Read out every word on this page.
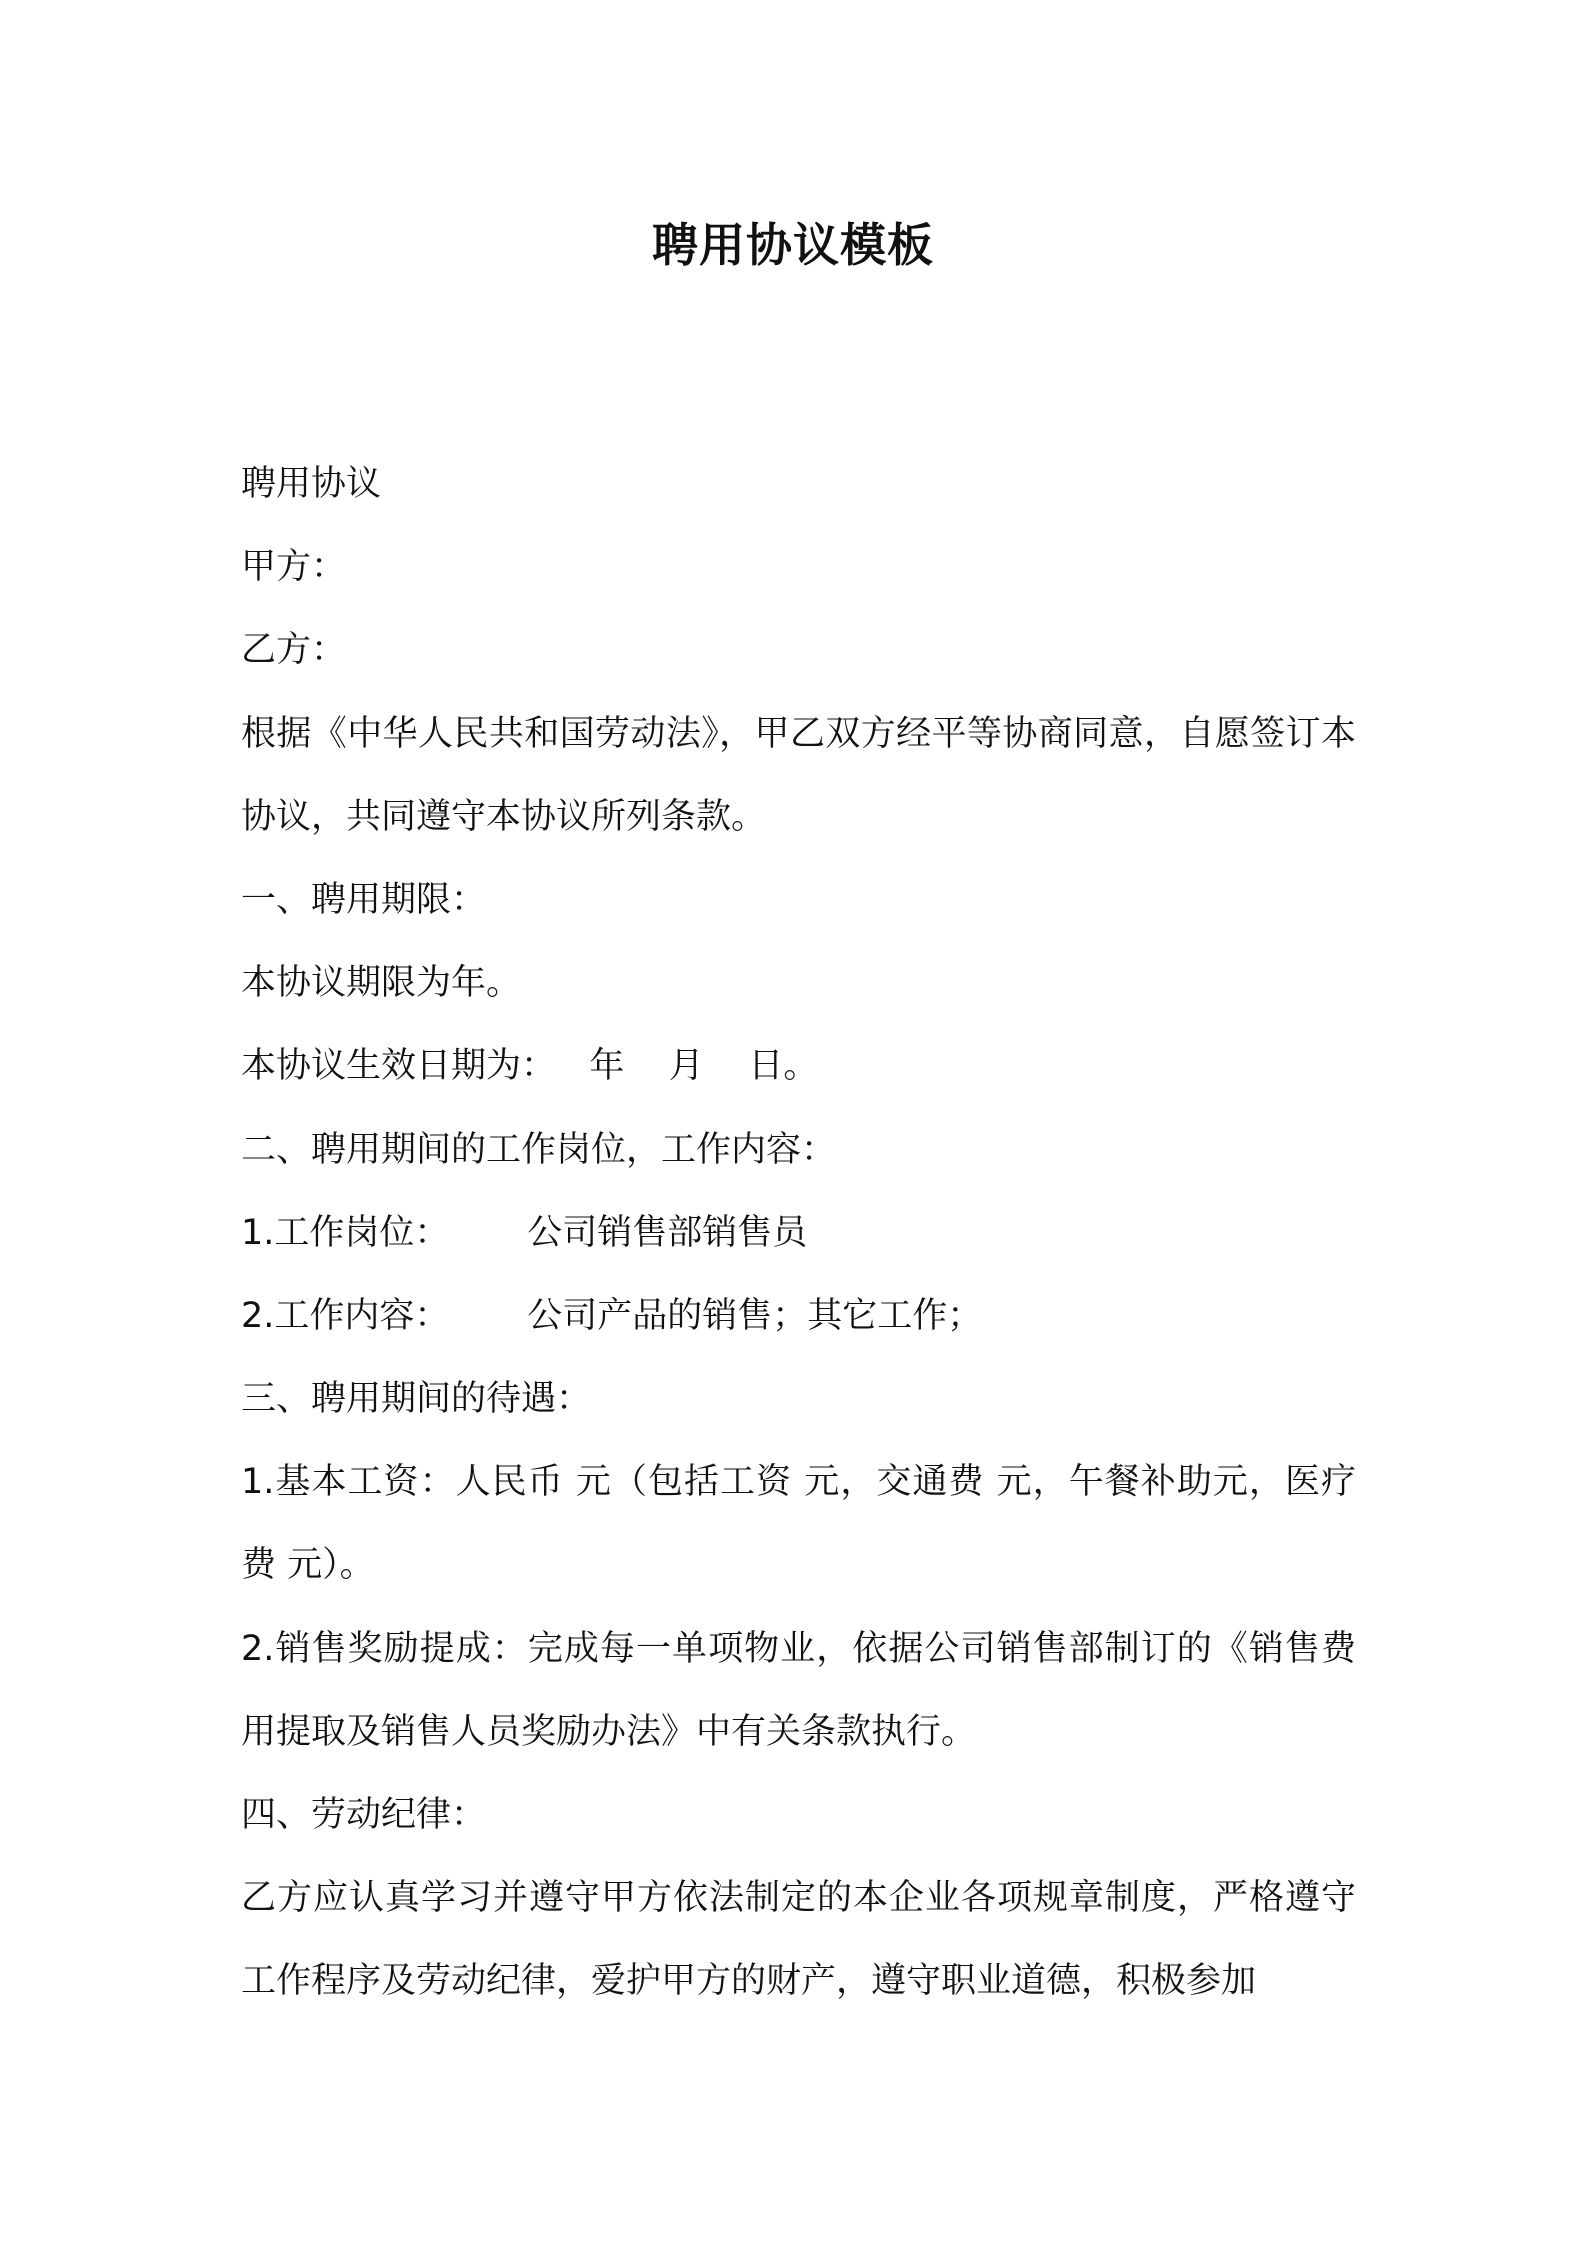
聘用协议模板
聘用协议
甲方：
乙方：
根据《中华人民共和国劳动法》，甲乙双方经平等协商同意，自愿签订本协议，共同遵守本协议所列条款。
一、聘用期限：
本协议期限为年。
本协议生效日期为：   年    月    日。
二、聘用期间的工作岗位，工作内容：
1.工作岗位：       公司销售部销售员
2.工作内容：       公司产品的销售；其它工作；
三、聘用期间的待遇：
1.基本工资：人民币 元（包括工资 元，交通费 元，午餐补助元，医疗费 元）。
2.销售奖励提成：完成每一单项物业，依据公司销售部制订的《销售费用提取及销售人员奖励办法》中有关条款执行。
四、劳动纪律：
乙方应认真学习并遵守甲方依法制定的本企业各项规章制度，严格遵守工作程序及劳动纪律，爱护甲方的财产，遵守职业道德，积极参加
